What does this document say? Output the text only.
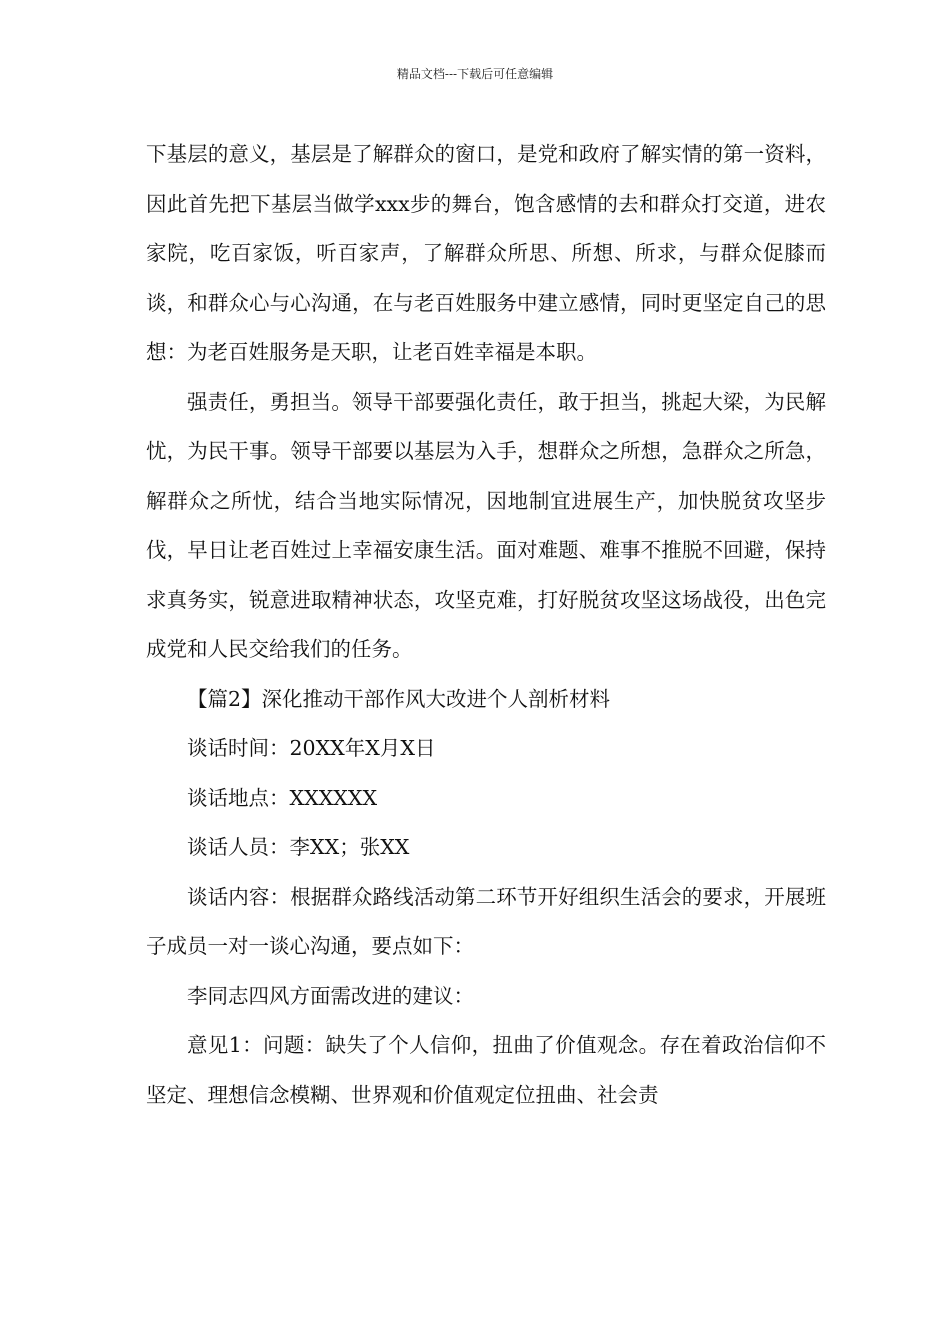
精品文档---下载后可任意编辑

下基层的意义，基层是了解群众的窗口，是党和政府了解实情的第一资料，因此首先把下基层当做学xxx步的舞台，饱含感情的去和群众打交道，进农家院，吃百家饭，听百家声，了解群众所思、所想、所求，与群众促膝而谈，和群众心与心沟通，在与老百姓服务中建立感情，同时更坚定自己的思想：为老百姓服务是天职，让老百姓幸福是本职。

强责任，勇担当。领导干部要强化责任，敢于担当，挑起大梁，为民解忧，为民干事。领导干部要以基层为入手，想群众之所想，急群众之所急，解群众之所忧，结合当地实际情况，因地制宜进展生产，加快脱贫攻坚步伐，早日让老百姓过上幸福安康生活。面对难题、难事不推脱不回避，保持求真务实，锐意进取精神状态，攻坚克难，打好脱贫攻坚这场战役，出色完成党和人民交给我们的任务。

【篇2】深化推动干部作风大改进个人剖析材料

谈话时间：20XX年X月X日

谈话地点：XXXXXX

谈话人员：李XX；张XX

谈话内容：根据群众路线活动第二环节开好组织生活会的要求，开展班子成员一对一谈心沟通，要点如下：

李同志四风方面需改进的建议：

意见1：问题：缺失了个人信仰，扭曲了价值观念。存在着政治信仰不坚定、理想信念模糊、世界观和价值观定位扭曲、社会责
